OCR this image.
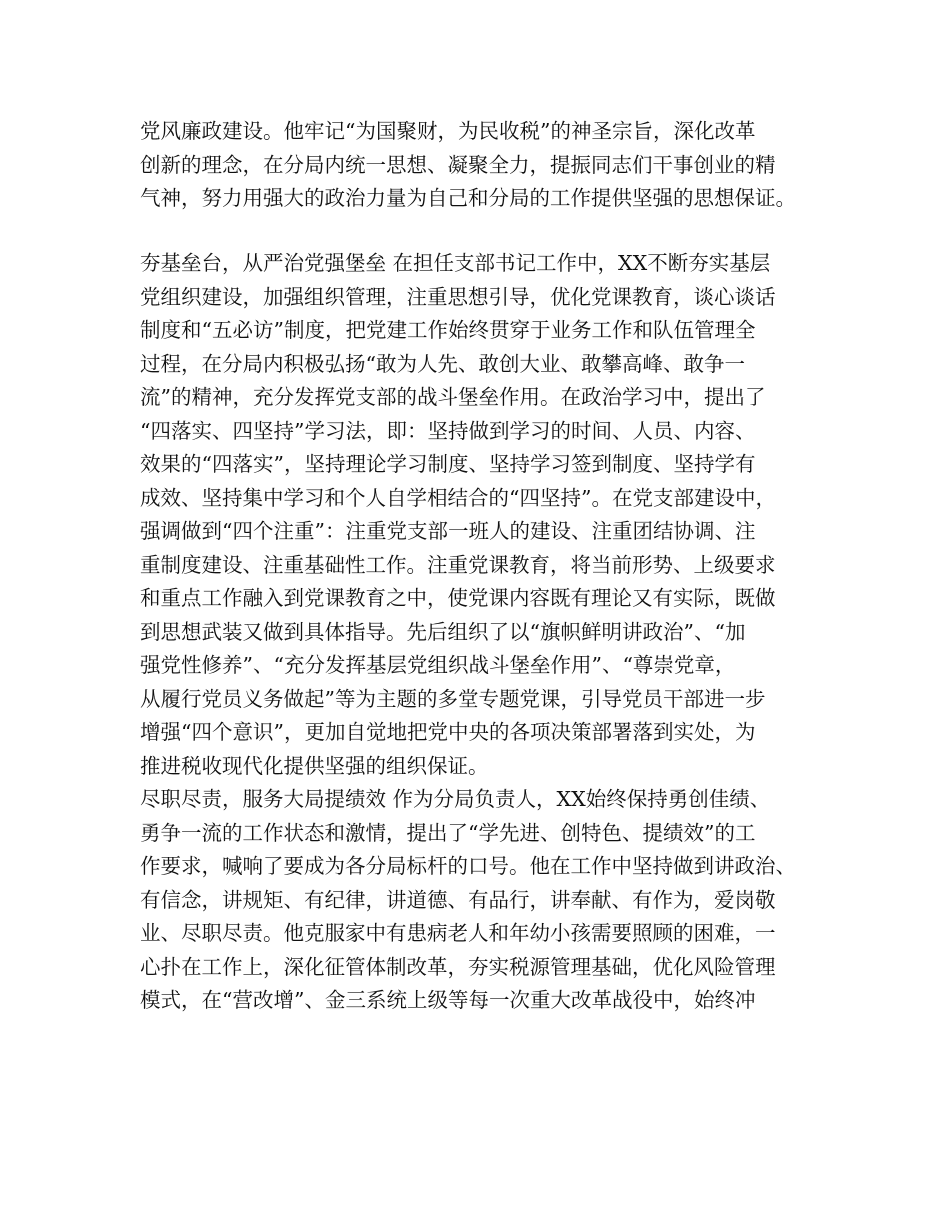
党风廉政建设。他牢记“为国聚财，为民收税”的神圣宗旨，深化改革
创新的理念，在分局内统一思想、凝聚全力，提振同志们干事创业的精
气神，努力用强大的政治力量为自己和分局的工作提供坚强的思想保证。
夯基垒台，从严治党强堡垒 在担任支部书记工作中，XX不断夯实基层
党组织建设，加强组织管理，注重思想引导，优化党课教育，谈心谈话
制度和“五必访”制度，把党建工作始终贯穿于业务工作和队伍管理全
过程，在分局内积极弘扬“敢为人先、敢创大业、敢攀高峰、敢争一
流”的精神，充分发挥党支部的战斗堡垒作用。在政治学习中，提出了
“四落实、四坚持”学习法，即：坚持做到学习的时间、人员、内容、
效果的“四落实”，坚持理论学习制度、坚持学习签到制度、坚持学有
成效、坚持集中学习和个人自学相结合的“四坚持”。在党支部建设中，
强调做到“四个注重”：注重党支部一班人的建设、注重团结协调、注
重制度建设、注重基础性工作。注重党课教育，将当前形势、上级要求
和重点工作融入到党课教育之中，使党课内容既有理论又有实际，既做
到思想武装又做到具体指导。先后组织了以“旗帜鲜明讲政治”、“加
强党性修养”、“充分发挥基层党组织战斗堡垒作用”、“尊崇党章，
从履行党员义务做起”等为主题的多堂专题党课，引导党员干部进一步
增强“四个意识”，更加自觉地把党中央的各项决策部署落到实处，为
推进税收现代化提供坚强的组织保证。
尽职尽责，服务大局提绩效 作为分局负责人，XX始终保持勇创佳绩、
勇争一流的工作状态和激情，提出了“学先进、创特色、提绩效”的工
作要求，喊响了要成为各分局标杆的口号。他在工作中坚持做到讲政治、
有信念，讲规矩、有纪律，讲道德、有品行，讲奉献、有作为，爱岗敬
业、尽职尽责。他克服家中有患病老人和年幼小孩需要照顾的困难，一
心扑在工作上，深化征管体制改革，夯实税源管理基础，优化风险管理
模式，在“营改增”、金三系统上级等每一次重大改革战役中，始终冲
